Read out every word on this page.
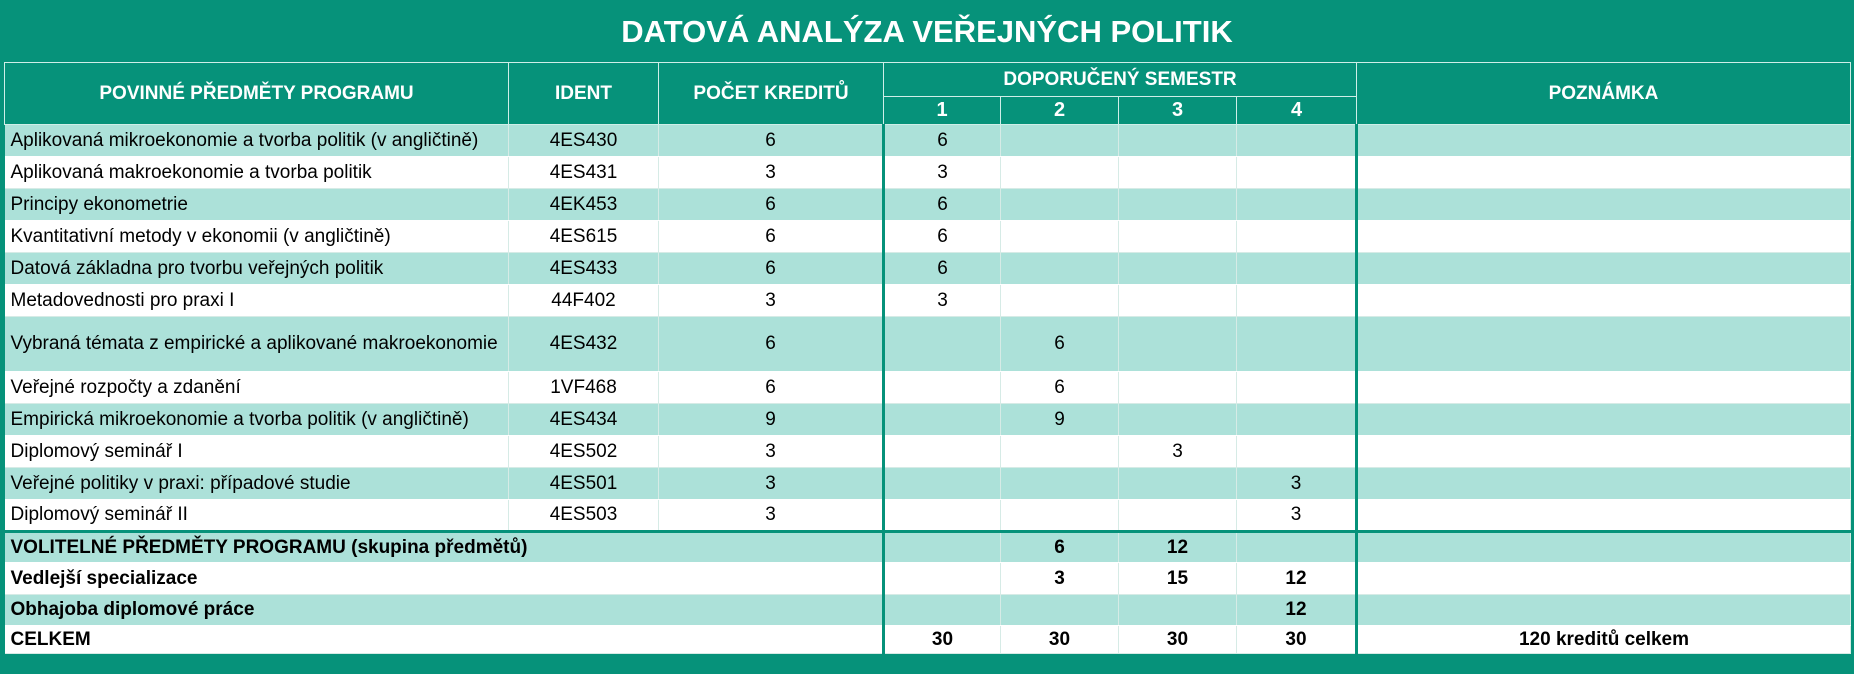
DATOVÁ ANALÝZA VEŘEJNÝCH POLITIK
POVINNÉ PŘEDMĚTY PROGRAMU	IDENT	POČET KREDITŮ	DOPORUČENÝ SEMESTR				POZNÁMKA
			1	2	3	4	
Aplikovaná mikroekonomie a tvorba politik (v angličtině)	4ES430	6	6				
Aplikovaná makroekonomie a tvorba politik	4ES431	3	3				
Principy ekonometrie	4EK453	6	6				
Kvantitativní metody v ekonomii (v angličtině)	4ES615	6	6				
Datová základna pro tvorbu veřejných politik	4ES433	6	6				
Metadovednosti pro praxi I	44F402	3	3				
Vybraná témata z empirické a aplikované makroekonomie	4ES432	6		6			
Veřejné rozpočty a zdanění	1VF468	6		6			
Empirická mikroekonomie a tvorba politik (v angličtině)	4ES434	9		9			
Diplomový seminář I	4ES502	3			3		
Veřejné politiky v praxi: případové studie	4ES501	3				3	
Diplomový seminář II	4ES503	3				3	
VOLITELNÉ PŘEDMĚTY PROGRAMU (skupina předmětů)				6	12		
Vedlejší specializace				3	15	12	
Obhajoba diplomové práce						12	
CELKEM			30	30	30	30	120 kreditů celkem
